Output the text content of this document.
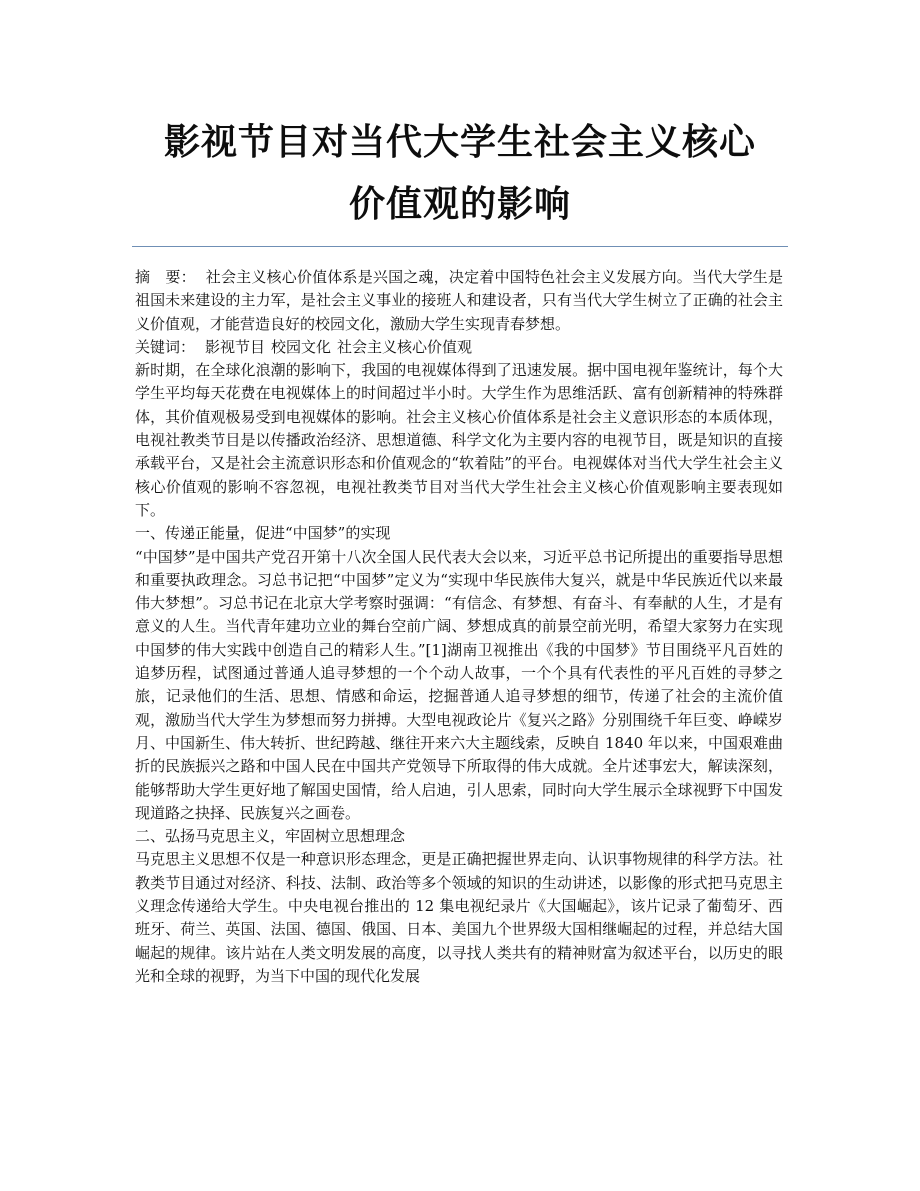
影视节目对当代大学生社会主义核心
价值观的影响

摘　要： 社会主义核心价值体系是兴国之魂，决定着中国特色社会主义发展方向。当代大学生是祖国未来建设的主力军，是社会主义事业的接班人和建设者，只有当代大学生树立了正确的社会主义价值观，才能营造良好的校园文化，激励大学生实现青春梦想。

关键词： 影视节目 校园文化 社会主义核心价值观

新时期，在全球化浪潮的影响下，我国的电视媒体得到了迅速发展。据中国电视年鉴统计，每个大学生平均每天花费在电视媒体上的时间超过半小时。大学生作为思维活跃、富有创新精神的特殊群体，其价值观极易受到电视媒体的影响。社会主义核心价值体系是社会主义意识形态的本质体现，电视社教类节目是以传播政治经济、思想道德、科学文化为主要内容的电视节目，既是知识的直接承载平台，又是社会主流意识形态和价值观念的“软着陆”的平台。电视媒体对当代大学生社会主义核心价值观的影响不容忽视，电视社教类节目对当代大学生社会主义核心价值观影响主要表现如下。

一、传递正能量，促进“中国梦”的实现

“中国梦”是中国共产党召开第十八次全国人民代表大会以来，习近平总书记所提出的重要指导思想和重要执政理念。习总书记把“中国梦”定义为“实现中华民族伟大复兴，就是中华民族近代以来最伟大梦想”。习总书记在北京大学考察时强调：“有信念、有梦想、有奋斗、有奉献的人生，才是有意义的人生。当代青年建功立业的舞台空前广阔、梦想成真的前景空前光明，希望大家努力在实现中国梦的伟大实践中创造自己的精彩人生。”[1]湖南卫视推出《我的中国梦》节目围绕平凡百姓的追梦历程，试图通过普通人追寻梦想的一个个动人故事，一个个具有代表性的平凡百姓的寻梦之旅，记录他们的生活、思想、情感和命运，挖掘普通人追寻梦想的细节，传递了社会的主流价值观，激励当代大学生为梦想而努力拼搏。大型电视政论片《复兴之路》分别围绕千年巨变、峥嵘岁月、中国新生、伟大转折、世纪跨越、继往开来六大主题线索，反映自 1840 年以来，中国艰难曲折的民族振兴之路和中国人民在中国共产党领导下所取得的伟大成就。全片述事宏大，解读深刻，能够帮助大学生更好地了解国史国情，给人启迪，引人思索，同时向大学生展示全球视野下中国发现道路之抉择、民族复兴之画卷。

二、弘扬马克思主义，牢固树立思想理念

马克思主义思想不仅是一种意识形态理念，更是正确把握世界走向、认识事物规律的科学方法。社教类节目通过对经济、科技、法制、政治等多个领域的知识的生动讲述，以影像的形式把马克思主义理念传递给大学生。中央电视台推出的 12 集电视纪录片《大国崛起》，该片记录了葡萄牙、西班牙、荷兰、英国、法国、德国、俄国、日本、美国九个世界级大国相继崛起的过程，并总结大国崛起的规律。该片站在人类文明发展的高度，以寻找人类共有的精神财富为叙述平台，以历史的眼光和全球的视野，为当下中国的现代化发展
